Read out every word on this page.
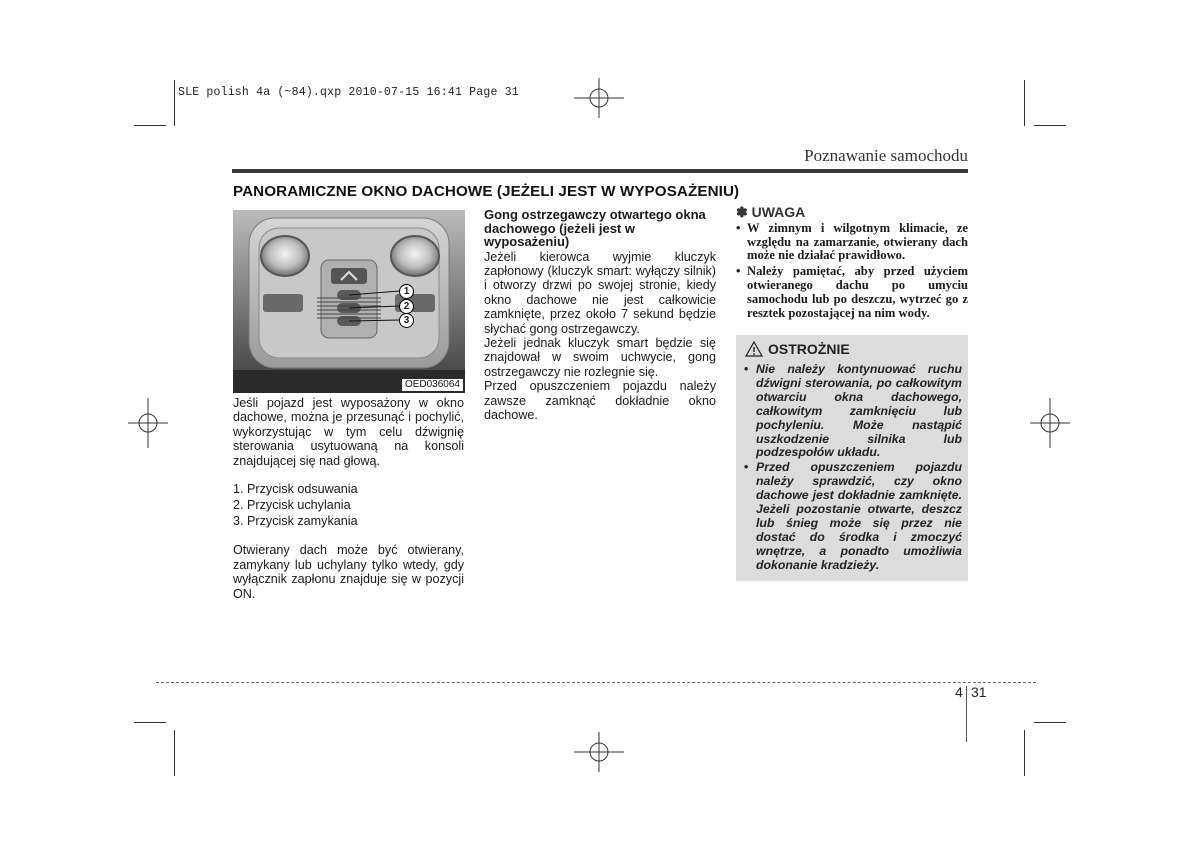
SLE polish 4a (~84).qxp 2010-07-15 16:41 Page 31
Poznawanie samochodu
PANORAMICZNE OKNO DACHOWE (JEŻELI JEST W WYPOSAŻENIU)
1
2
3
OED036064

Jeśli pojazd jest wyposażony w okno dachowe, można je przesunąć i pochylić, wykorzystując w tym celu dźwignię sterowania usytuowaną na konsoli znajdującej się nad głową.

1. Przycisk odsuwania
2. Przycisk uchylania
3. Przycisk zamykania

Otwierany dach może być otwierany, zamykany lub uchylany tylko wtedy, gdy wyłącznik zapłonu znajduje się w pozycji ON.

Gong ostrzegawczy otwartego okna dachowego (jeżeli jest w wyposażeniu)

Jeżeli kierowca wyjmie kluczyk zapłonowy (kluczyk smart: wyłączy silnik) i otworzy drzwi po swojej stronie, kiedy okno dachowe nie jest całkowicie zamknięte, przez około 7 sekund będzie słychać gong ostrzegawczy.

Jeżeli jednak kluczyk smart będzie się znajdował w swoim uchwycie, gong ostrzegawczy nie rozlegnie się.

Przed opuszczeniem pojazdu należy zawsze zamknąć dokładnie okno dachowe.

✽ UWAGA
• W zimnym i wilgotnym klimacie, ze względu na zamarzanie, otwierany dach może nie działać prawidłowo.
• Należy pamiętać, aby przed użyciem otwieranego dachu po umyciu samochodu lub po deszczu, wytrzeć go z resztek pozostającej na nim wody.
OSTROŻNIE
• Nie należy kontynuować ruchu dźwigni sterowania, po całkowitym otwarciu okna dachowego, całkowitym zamknięciu lub pochyleniu. Może nastąpić uszkodzenie silnika lub podzespołów układu.
• Przed opuszczeniem pojazdu należy sprawdzić, czy okno dachowe jest dokładnie zamknięte. Jeżeli pozostanie otwarte, deszcz lub śnieg może się przez nie dostać do środka i zmoczyć wnętrze, a ponadto umożliwia dokonanie kradzieży.
4 31
